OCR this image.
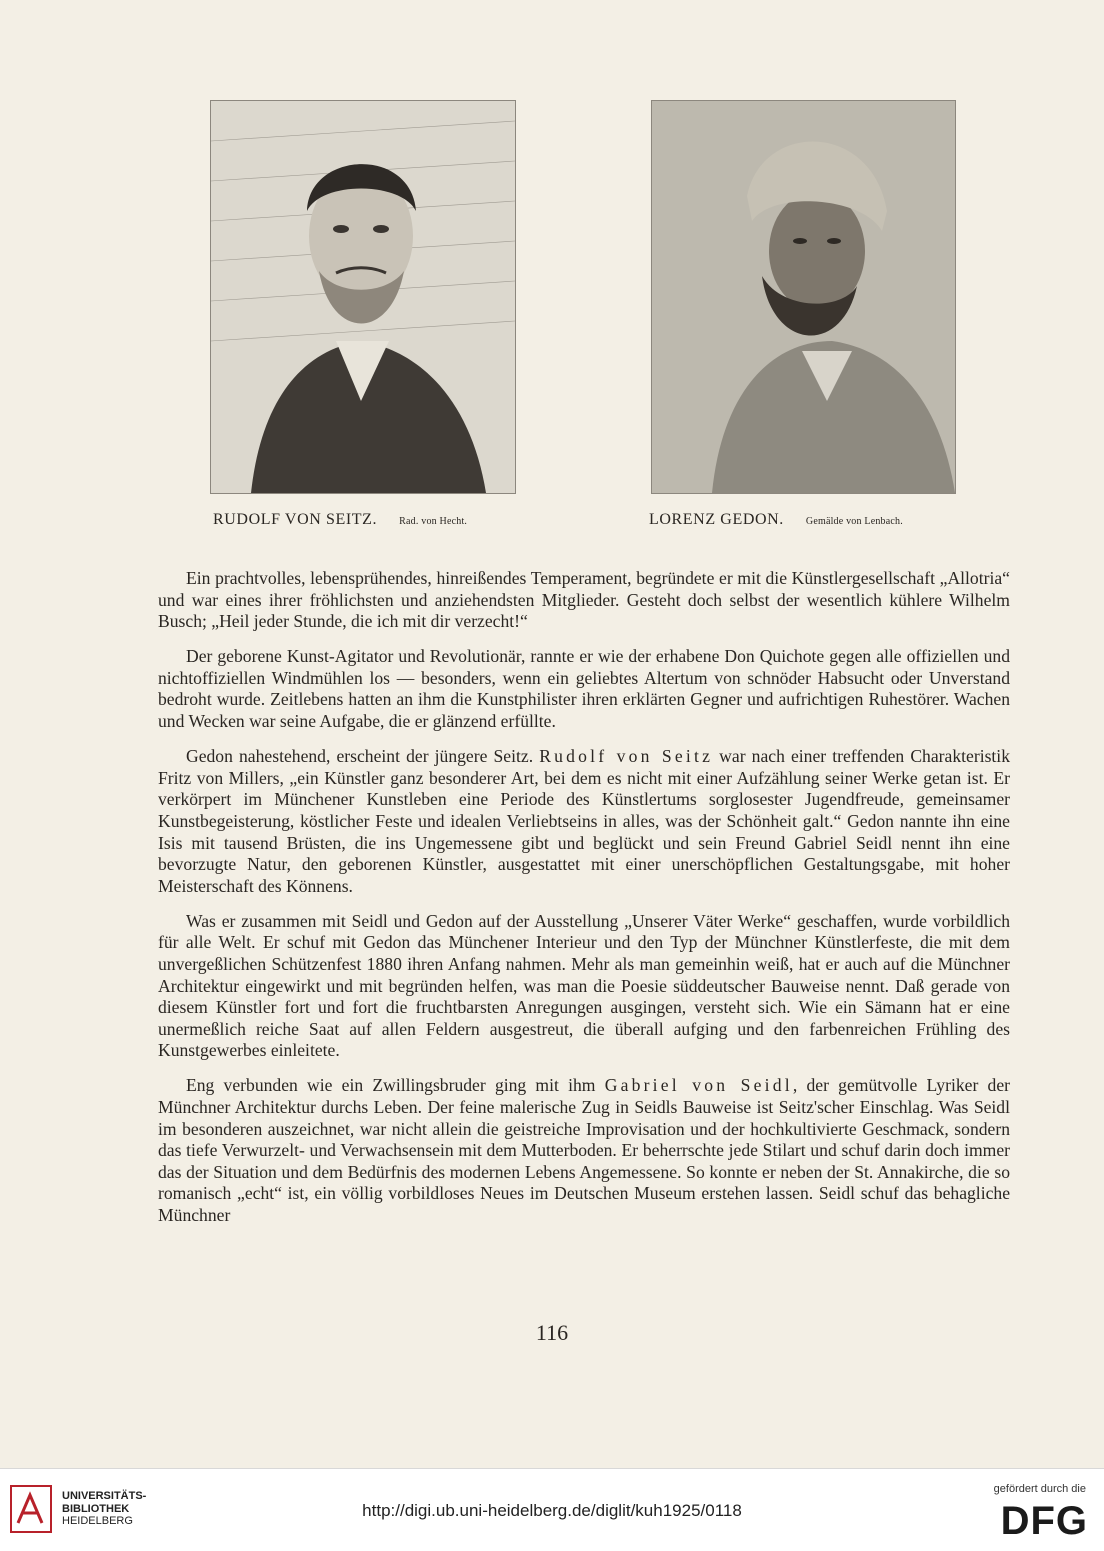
RUDOLF VON SEITZ. Rad. von Hecht.	LORENZ GEDON. Gemälde von Lenbach.

Ein prachtvolles, lebensprühendes, hinreißendes Temperament, begründete er mit die Künstlergesellschaft „Allotria“ und war eines ihrer fröhlichsten und anziehendsten Mitglieder. Gesteht doch selbst der wesentlich kühlere Wilhelm Busch; „Heil jeder Stunde, die ich mit dir verzecht!“

Der geborene Kunst-Agitator und Revolutionär, rannte er wie der erhabene Don Quichote gegen alle offiziellen und nichtoffiziellen Windmühlen los — besonders, wenn ein geliebtes Altertum von schnöder Habsucht oder Unverstand bedroht wurde. Zeitlebens hatten an ihm die Kunstphilister ihren erklärten Gegner und aufrichtigen Ruhestörer. Wachen und Wecken war seine Aufgabe, die er glänzend erfüllte.

Gedon nahestehend, erscheint der jüngere Seitz. Rudolf von Seitz war nach einer treffenden Charakteristik Fritz von Millers, „ein Künstler ganz besonderer Art, bei dem es nicht mit einer Aufzählung seiner Werke getan ist. Er verkörpert im Münchener Kunstleben eine Periode des Künstlertums sorglosester Jugendfreude, gemeinsamer Kunstbegeisterung, köstlicher Feste und idealen Verliebtseins in alles, was der Schönheit galt.“ Gedon nannte ihn eine Isis mit tausend Brüsten, die ins Ungemessene gibt und beglückt und sein Freund Gabriel Seidl nennt ihn eine bevorzugte Natur, den geborenen Künstler, ausgestattet mit einer unerschöpflichen Gestaltungsgabe, mit hoher Meisterschaft des Könnens.

Was er zusammen mit Seidl und Gedon auf der Ausstellung „Unserer Väter Werke“ geschaffen, wurde vorbildlich für alle Welt. Er schuf mit Gedon das Münchener Interieur und den Typ der Münchner Künstlerfeste, die mit dem unvergeßlichen Schützenfest 1880 ihren Anfang nahmen. Mehr als man gemeinhin weiß, hat er auch auf die Münchner Architektur eingewirkt und mit begründen helfen, was man die Poesie süddeutscher Bauweise nennt. Daß gerade von diesem Künstler fort und fort die fruchtbarsten Anregungen ausgingen, versteht sich. Wie ein Sämann hat er eine unermeßlich reiche Saat auf allen Feldern ausgestreut, die überall aufging und den farbenreichen Frühling des Kunstgewerbes einleitete.

Eng verbunden wie ein Zwillingsbruder ging mit ihm Gabriel von Seidl, der gemütvolle Lyriker der Münchner Architektur durchs Leben. Der feine malerische Zug in Seidls Bauweise ist Seitz'scher Einschlag. Was Seidl im besonderen auszeichnet, war nicht allein die geistreiche Improvisation und der hochkultivierte Geschmack, sondern das tiefe Verwurzelt- und Verwachsensein mit dem Mutterboden. Er beherrschte jede Stilart und schuf darin doch immer das der Situation und dem Bedürfnis des modernen Lebens Angemessene. So konnte er neben der St. Annakirche, die so romanisch „echt“ ist, ein völlig vorbildloses Neues im Deutschen Museum erstehen lassen. Seidl schuf das behagliche Münchner

116
UNIVERSITÄTS-
BIBLIOTHEK
HEIDELBERG
http://digi.ub.uni-heidelberg.de/diglit/kuh1925/0118
gefördert durch die
DFG
